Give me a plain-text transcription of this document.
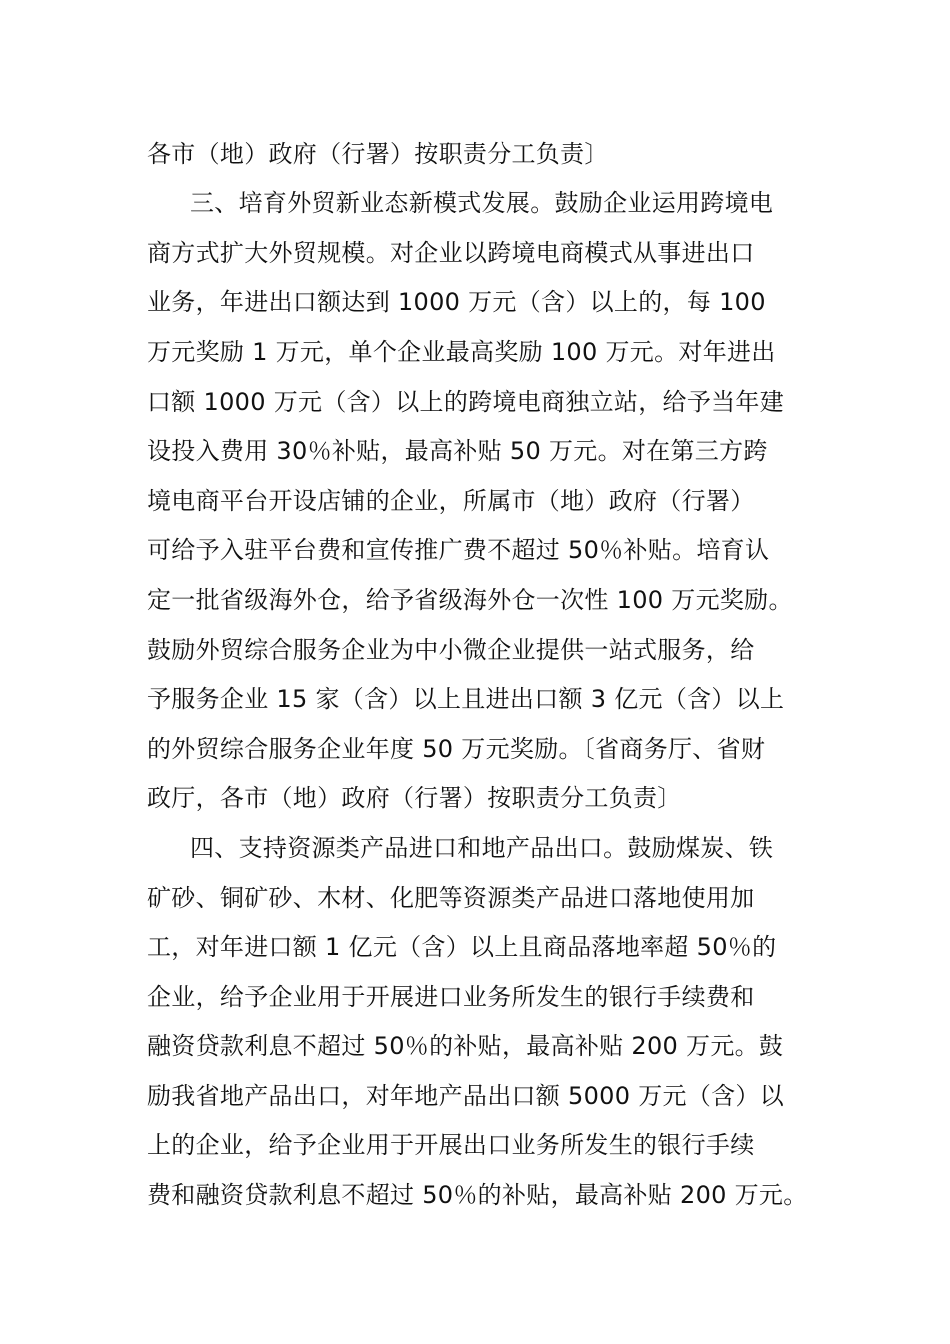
各市（地）政府（行署）按职责分工负责〕
三、培育外贸新业态新模式发展。鼓励企业运用跨境电
商方式扩大外贸规模。对企业以跨境电商模式从事进出口
业务，年进出口额达到 1000 万元（含）以上的，每 100
万元奖励 1 万元，单个企业最高奖励 100 万元。对年进出
口额 1000 万元（含）以上的跨境电商独立站，给予当年建
设投入费用 30％补贴，最高补贴 50 万元。对在第三方跨
境电商平台开设店铺的企业，所属市（地）政府（行署）
可给予入驻平台费和宣传推广费不超过 50％补贴。培育认
定一批省级海外仓，给予省级海外仓一次性 100 万元奖励。
鼓励外贸综合服务企业为中小微企业提供一站式服务，给
予服务企业 15 家（含）以上且进出口额 3 亿元（含）以上
的外贸综合服务企业年度 50 万元奖励。〔省商务厅、省财
政厅，各市（地）政府（行署）按职责分工负责〕
四、支持资源类产品进口和地产品出口。鼓励煤炭、铁
矿砂、铜矿砂、木材、化肥等资源类产品进口落地使用加
工，对年进口额 1 亿元（含）以上且商品落地率超 50％的
企业，给予企业用于开展进口业务所发生的银行手续费和
融资贷款利息不超过 50％的补贴，最高补贴 200 万元。鼓
励我省地产品出口，对年地产品出口额 5000 万元（含）以
上的企业，给予企业用于开展出口业务所发生的银行手续
费和融资贷款利息不超过 50％的补贴，最高补贴 200 万元。
